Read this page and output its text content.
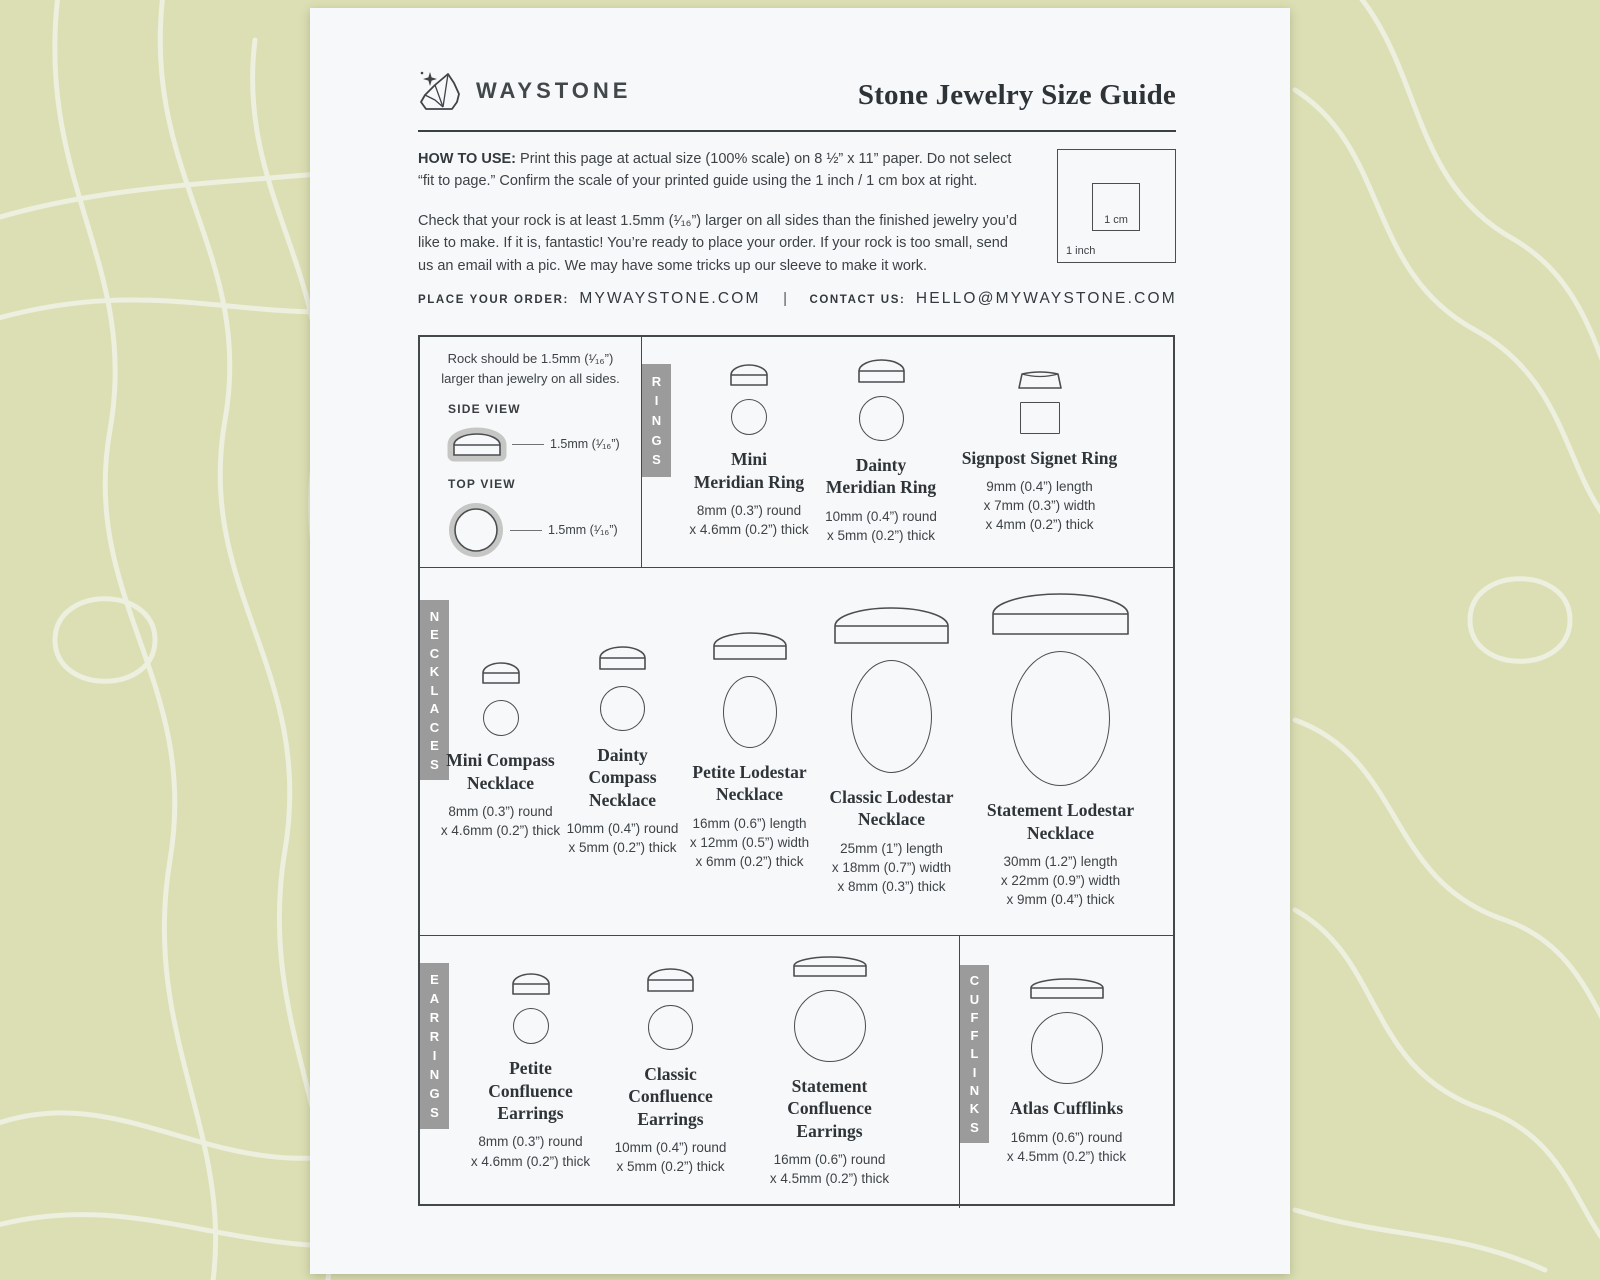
WAYSTONE	Stone Jewelry Size Guide

HOW TO USE: Print this page at actual size (100% scale) on 8 ½” x 11” paper. Do not select “fit to page.” Confirm the scale of your printed guide using the 1 inch / 1 cm box at right.

Check that your rock is at least 1.5mm (¹⁄₁₆”) larger on all sides than the finished jewelry you’d like to make. If it is, fantastic! You’re ready to place your order. If your rock is too small, send us an email with a pic. We may have some tricks up our sleeve to make it work.

1 cm
1 inch
PLACE YOUR ORDER: MYWAYSTONE.COM | CONTACT US: HELLO@MYWAYSTONE.COM
Rock should be 1.5mm (¹⁄₁₆”)
larger than jewelry on all sides.
SIDE VIEW
1.5mm (¹⁄₁₆”)
TOP VIEW
1.5mm (¹⁄₁₆”)
R
I
N
G
S	Mini
Meridian Ring
8mm (0.3”) round
x 4.6mm (0.2”) thick
Dainty
Meridian Ring
10mm (0.4”) round
x 5mm (0.2”) thick
Signpost Signet Ring
9mm (0.4”) length
x 7mm (0.3”) width
x 4mm (0.2”) thick
N
E
C
K
L
A
C
E
S Mini Compass
Necklace
8mm (0.3”) round
x 4.6mm (0.2”) thick
Dainty Compass
Necklace
10mm (0.4”) round
x 5mm (0.2”) thick
Petite Lodestar
Necklace
16mm (0.6”) length
x 12mm (0.5”) width
x 6mm (0.2”) thick
Classic Lodestar
Necklace
25mm (1”) length
x 18mm (0.7”) width
x 8mm (0.3”) thick
Statement Lodestar
Necklace
30mm (1.2”) length
x 22mm (0.9”) width
x 9mm (0.4”) thick
E
A
R
R
I
N
G
S
Petite
Confluence
Earrings
8mm (0.3”) round
x 4.6mm (0.2”) thick
Classic
Confluence
Earrings
10mm (0.4”) round
x 5mm (0.2”) thick
Statement
Confluence
Earrings
16mm (0.6”) round
x 4.5mm (0.2”) thick
C
U
F
F
L
I
N
K
S
Atlas Cufflinks
16mm (0.6”) round
x 4.5mm (0.2”) thick
